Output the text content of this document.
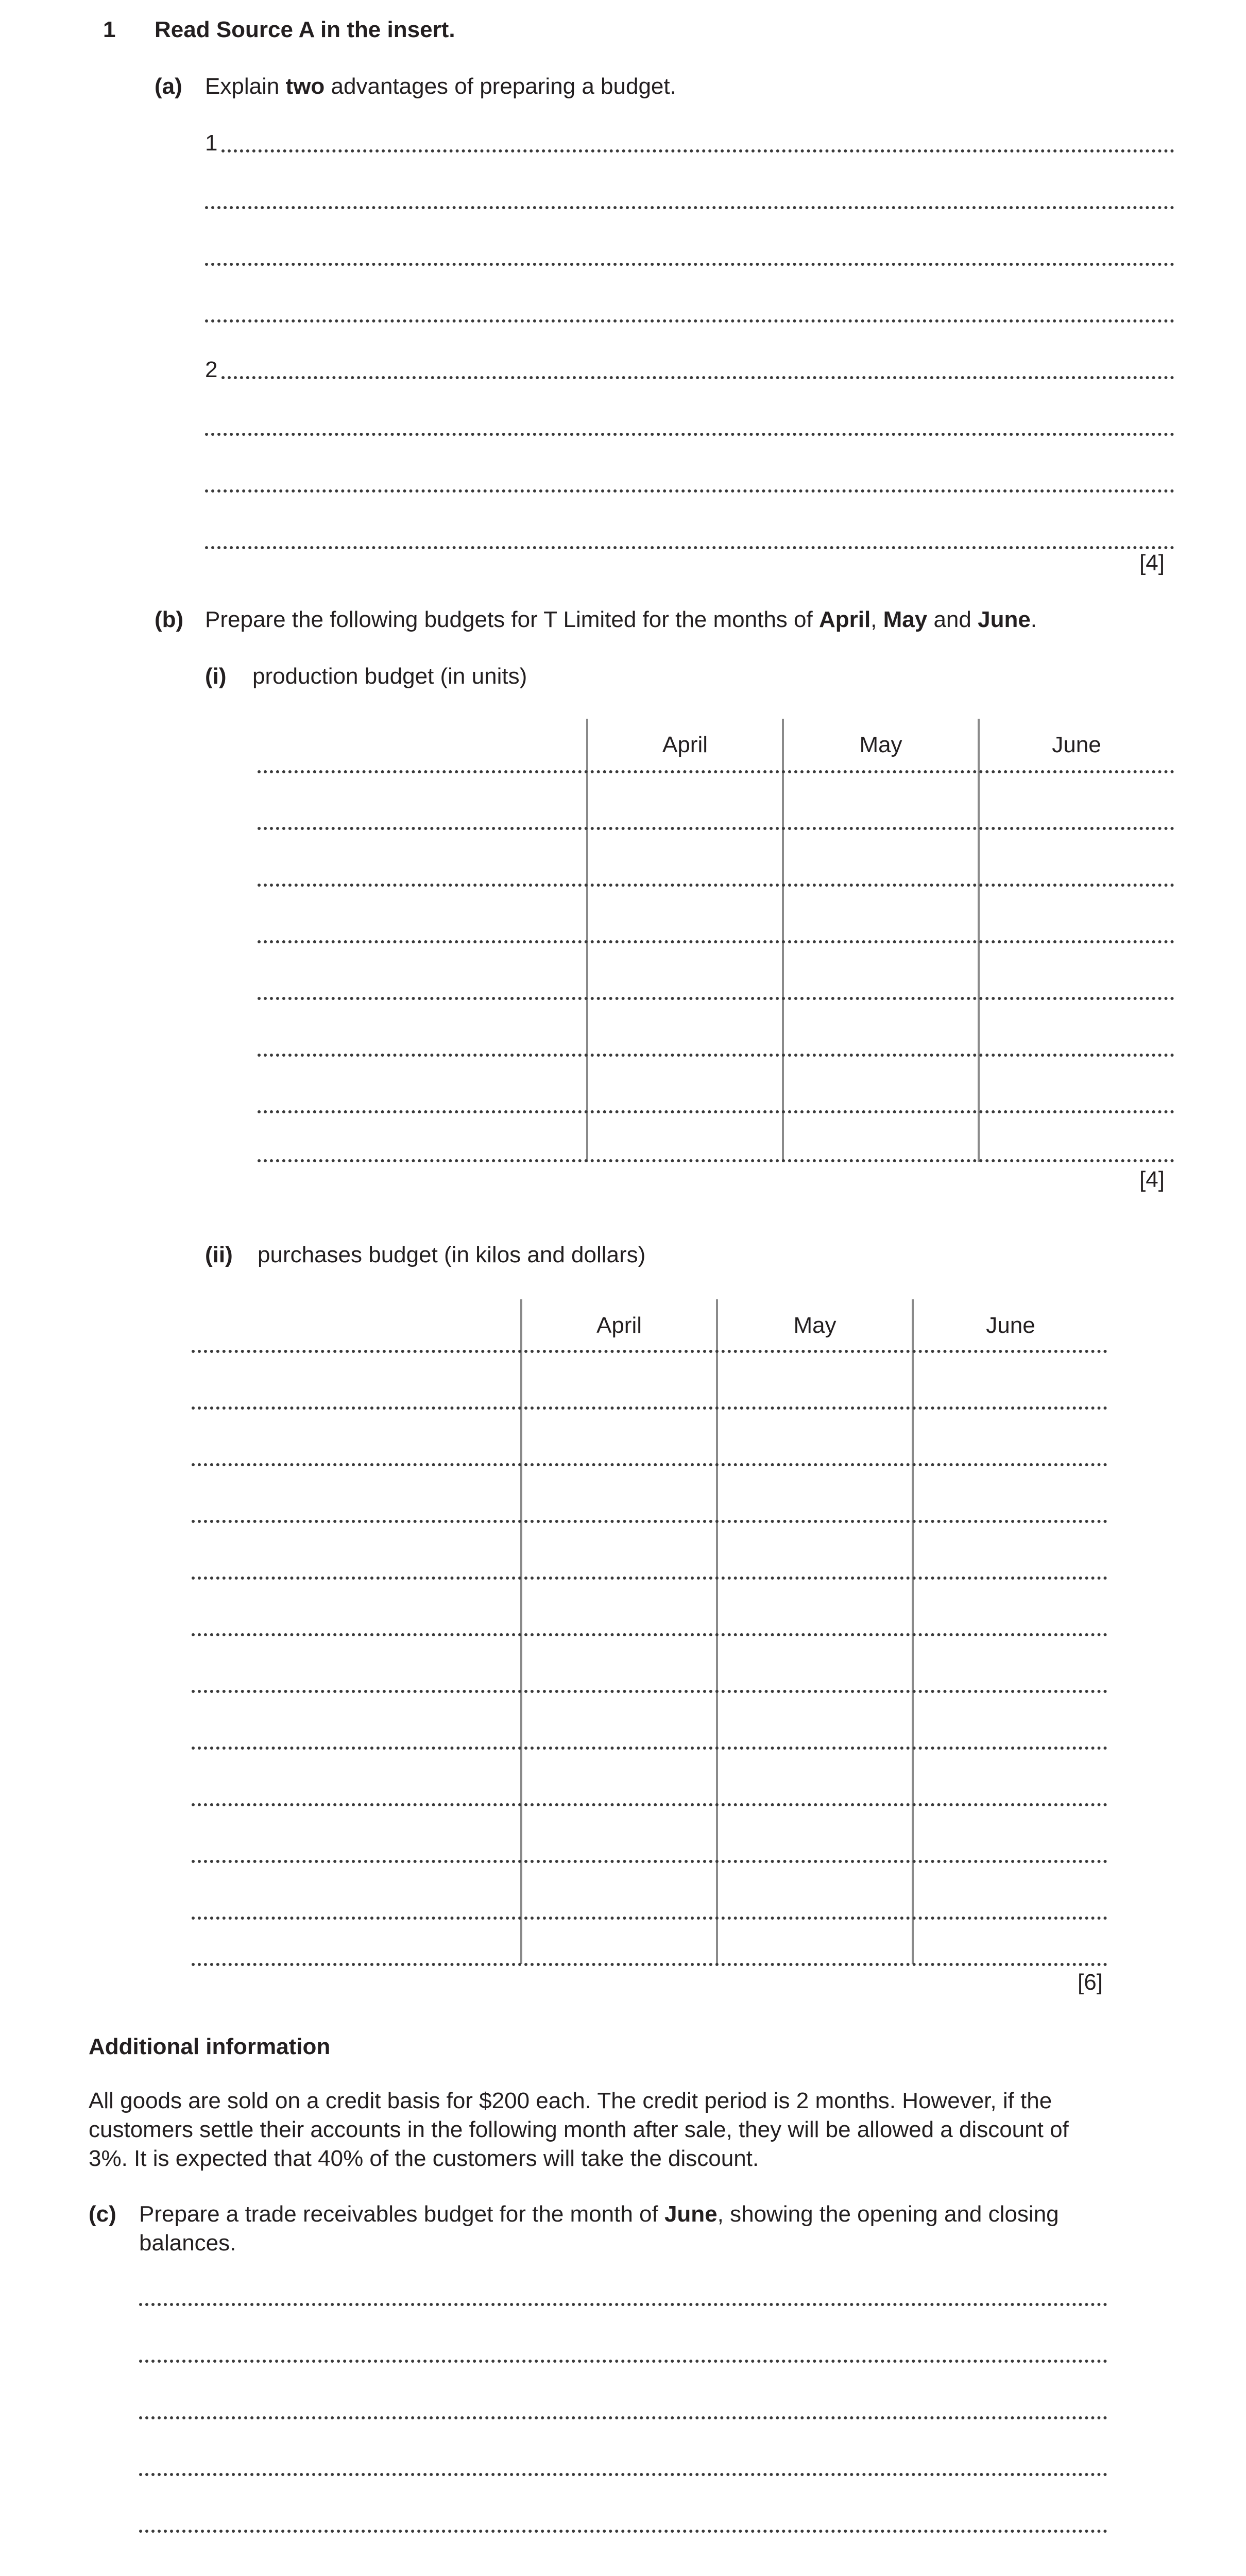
1 Read Source A in the insert.
(a) Explain two advantages of preparing a budget.
1
2
[4]
(b) Prepare the following budgets for T Limited for the months of April, May and June.
(i) production budget (in units)
April	May	June
[4]
(ii) purchases budget (in kilos and dollars)
April	May	June
[6]
Additional information
All goods are sold on a credit basis for $200 each. The credit period is 2 months. However, if the customers settle their accounts in the following month after sale, they will be allowed a discount of 3%. It is expected that 40% of the customers will take the discount.
(c) Prepare a trade receivables budget for the month of June, showing the opening and closing balances.
